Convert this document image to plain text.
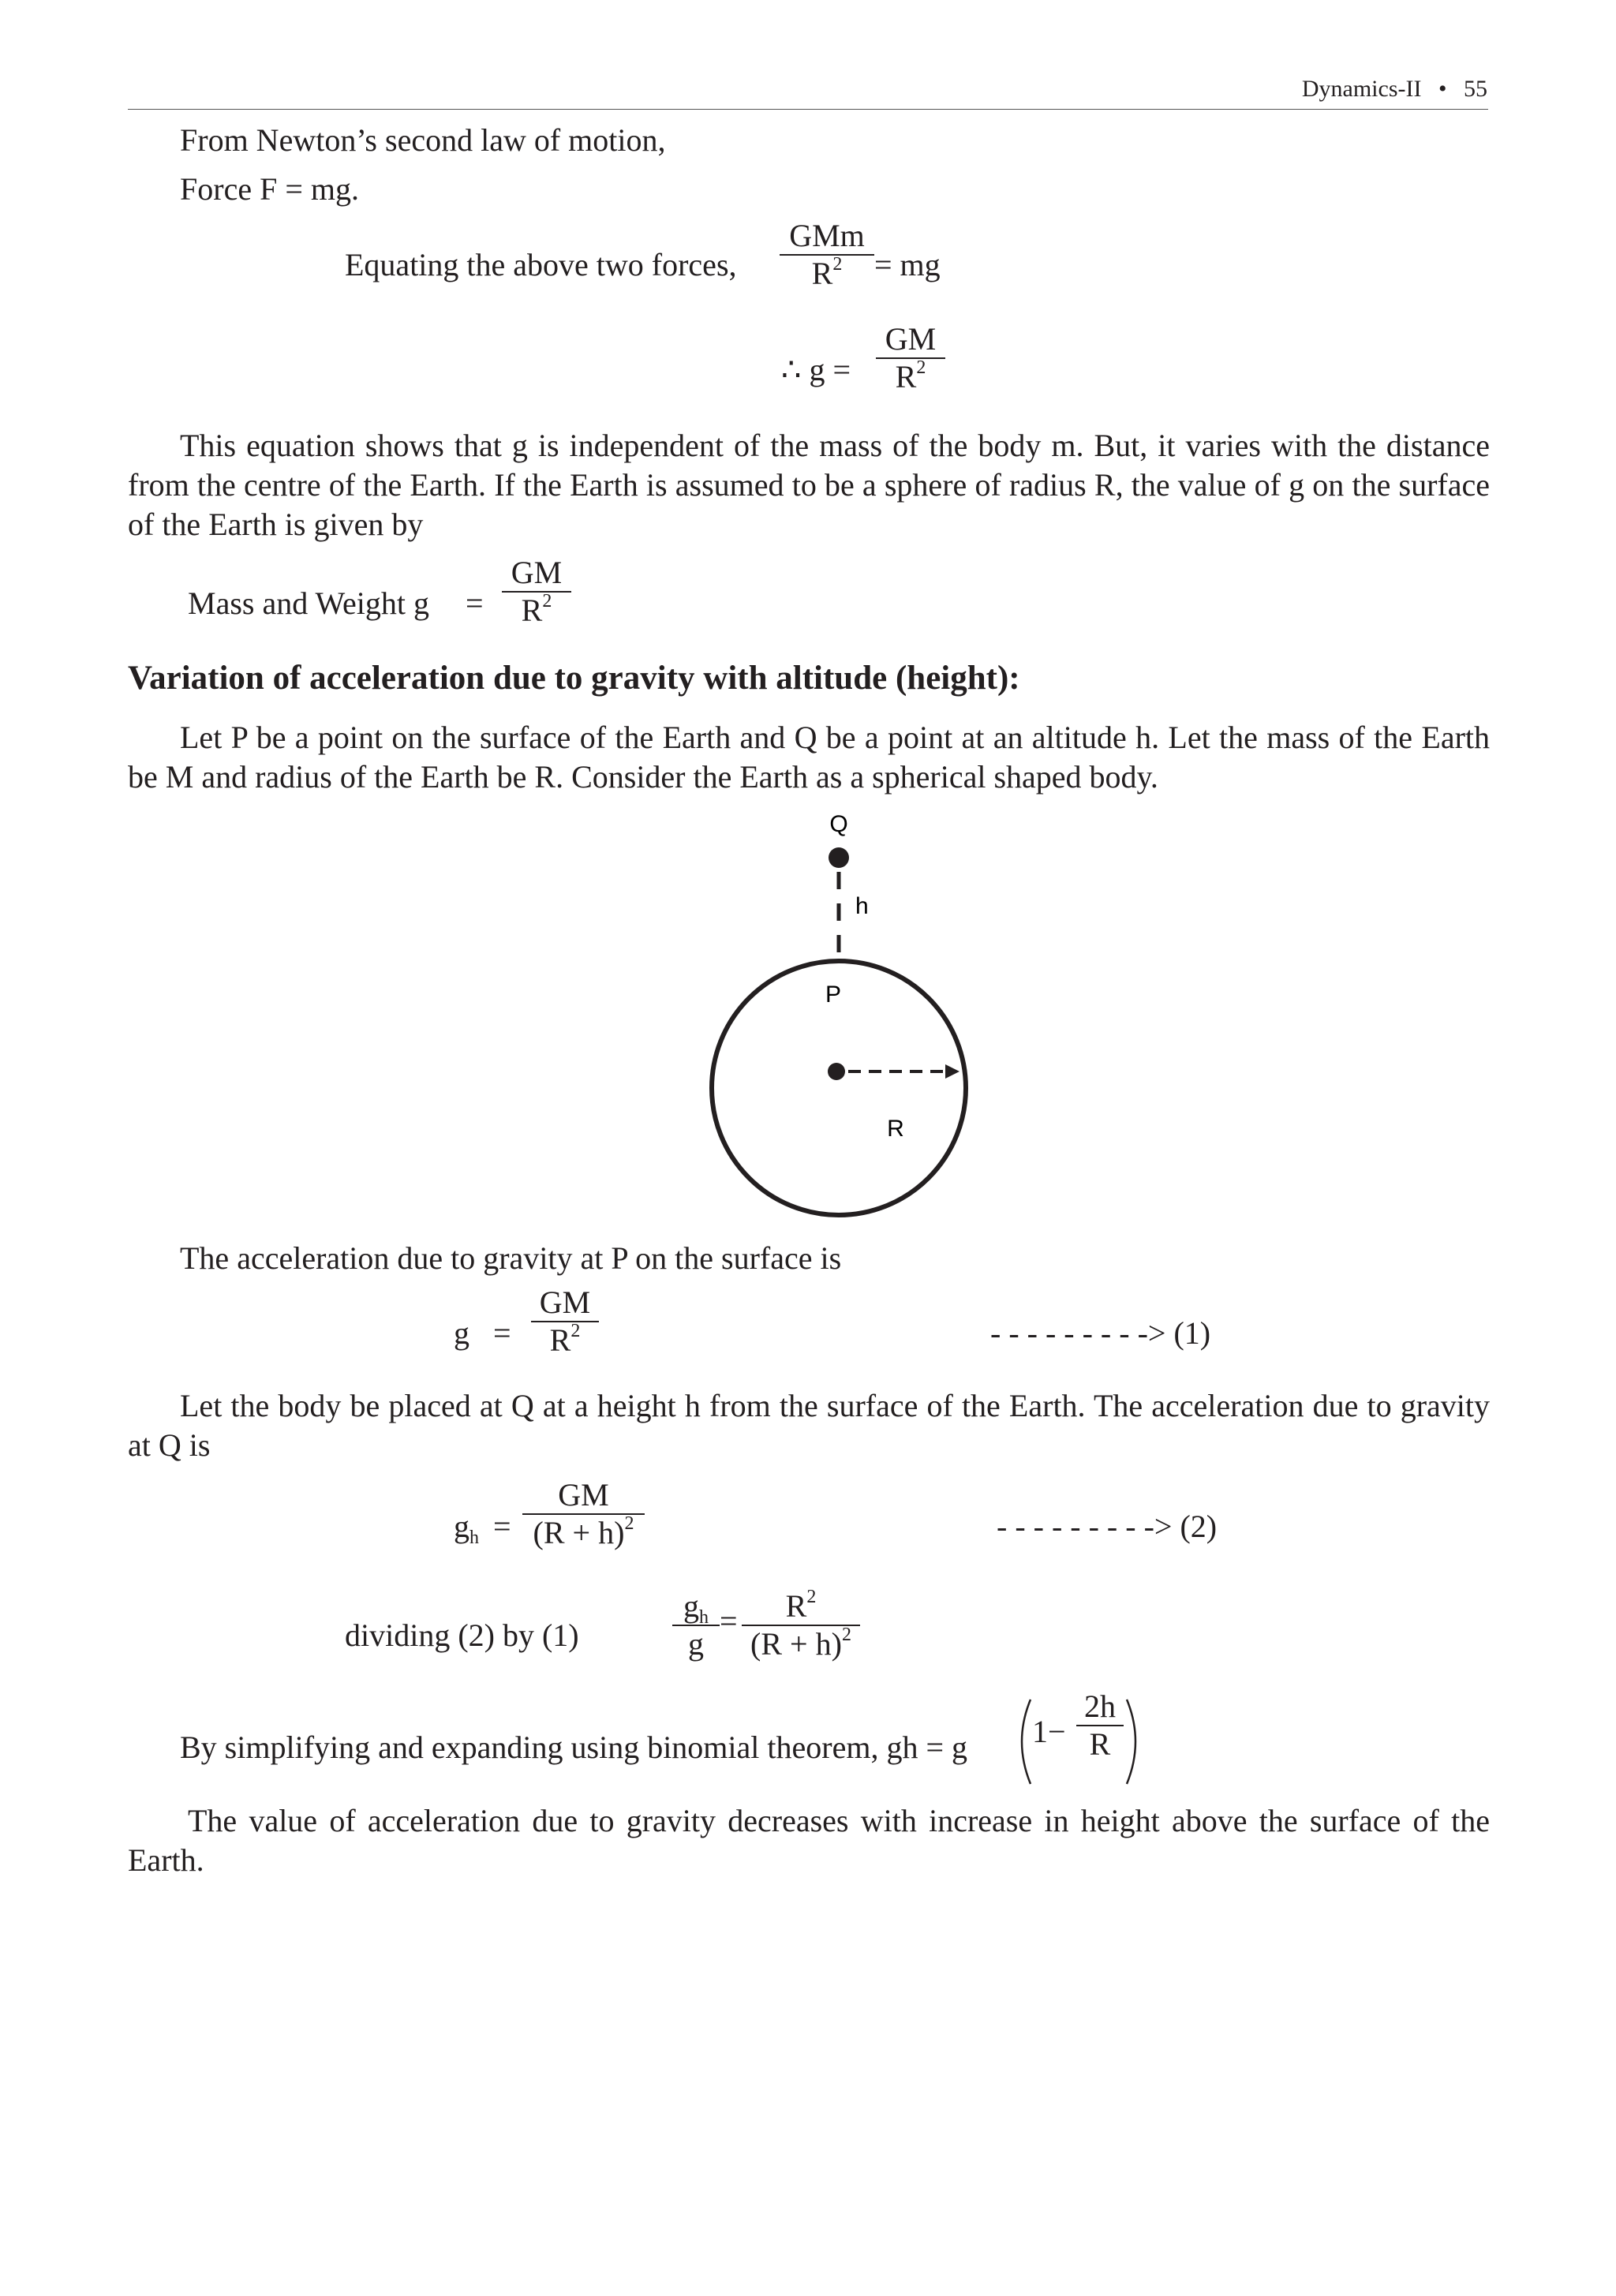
Dynamics-II • 55
From Newton’s second law of motion,
Force F = mg.
Equating the above two forces,
GMm
$R^2$	= mg
∴ g =
GM
$R^2$
This equation shows that g is independent of the mass of the body m. But, it varies with the distance from the centre of the Earth. If the Earth is assumed to be a sphere of radius R, the value of g on the surface of the Earth is given by
Mass and Weight g =
GM
$R^2$
Variation of acceleration due to gravity with altitude (height):
Let P be a point on the surface of the Earth and Q be a point at an altitude h. Let the mass of the Earth be M and radius of the Earth be R. Consider the Earth as a spherical shaped body.
Q
h
P
R
The acceleration due to gravity at P on the surface is
g =
GM
$R^2$	- - - - - - - - -> (1)
Let the body be placed at Q at a height h from the surface of the Earth. The acceleration due to gravity at Q is
$g_h$ =
GM
$(R + h)^2$	- - - - - - - - -> (2)
dividing (2) by (1)
$g_h$
g
=	$R^2$
$(R + h)^2$
By simplifying and expanding using binomial theorem, gh = g 1−
2h
R
The value of acceleration due to gravity decreases with increase in height above the surface of the Earth.
